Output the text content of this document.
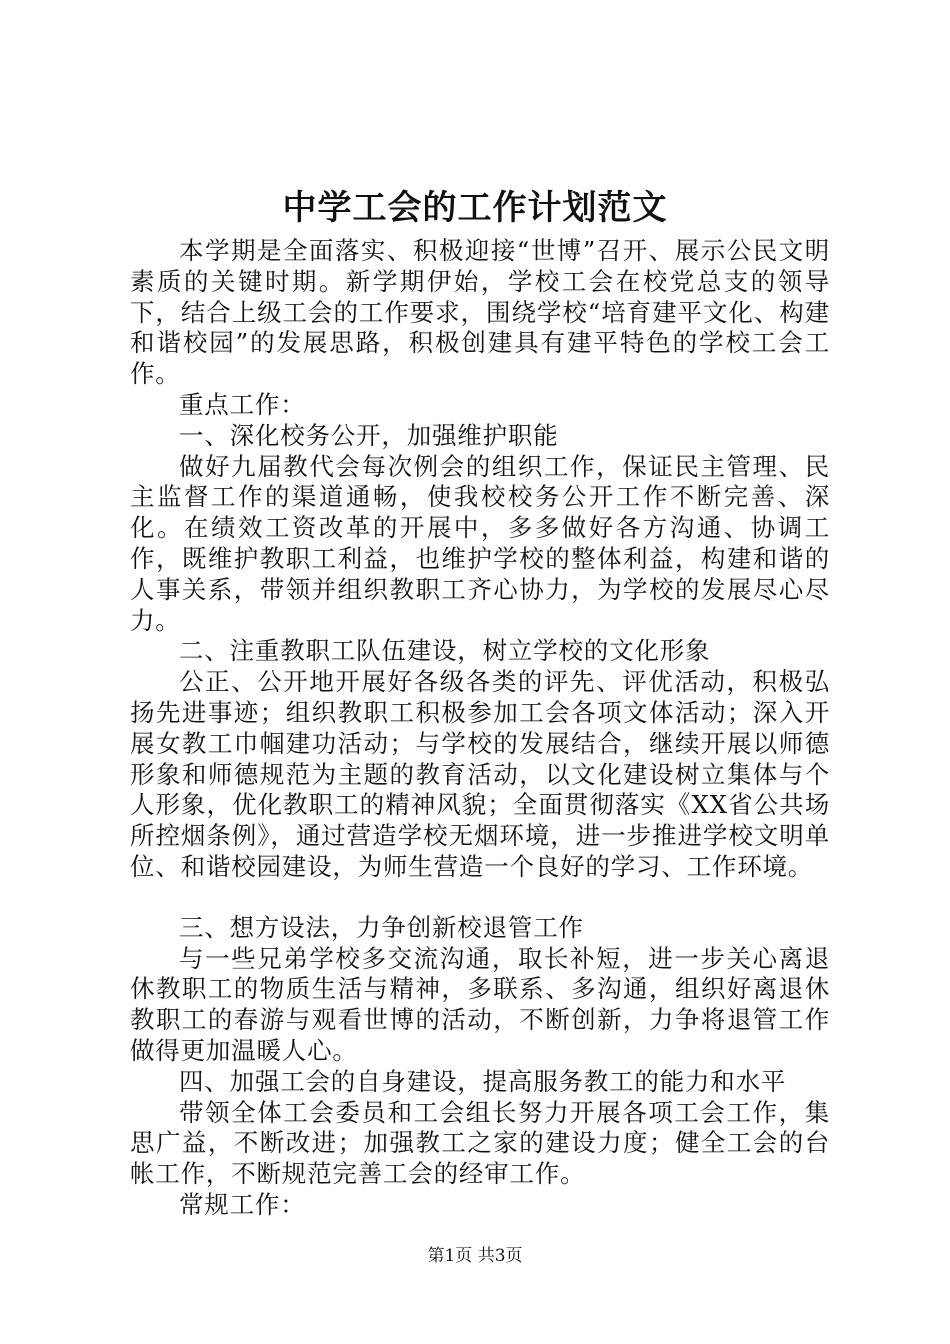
中学工会的工作计划范文

本学期是全面落实、积极迎接“世博”召开、展示公民文明素质的关键时期。新学期伊始，学校工会在校党总支的领导下，结合上级工会的工作要求，围绕学校“培育建平文化、构建和谐校园”的发展思路，积极创建具有建平特色的学校工会工作。

重点工作：

一、深化校务公开，加强维护职能

做好九届教代会每次例会的组织工作，保证民主管理、民主监督工作的渠道通畅，使我校校务公开工作不断完善、深化。在绩效工资改革的开展中，多多做好各方沟通、协调工作，既维护教职工利益，也维护学校的整体利益，构建和谐的人事关系，带领并组织教职工齐心协力，为学校的发展尽心尽力。

二、注重教职工队伍建设，树立学校的文化形象

公正、公开地开展好各级各类的评先、评优活动，积极弘扬先进事迹；组织教职工积极参加工会各项文体活动；深入开展女教工巾帼建功活动；与学校的发展结合，继续开展以师德形象和师德规范为主题的教育活动，以文化建设树立集体与个人形象，优化教职工的精神风貌；全面贯彻落实《XX省公共场所控烟条例》，通过营造学校无烟环境，进一步推进学校文明单位、和谐校园建设，为师生营造一个良好的学习、工作环境。

三、想方设法，力争创新校退管工作

与一些兄弟学校多交流沟通，取长补短，进一步关心离退休教职工的物质生活与精神，多联系、多沟通，组织好离退休教职工的春游与观看世博的活动，不断创新，力争将退管工作做得更加温暖人心。

四、加强工会的自身建设，提高服务教工的能力和水平

带领全体工会委员和工会组长努力开展各项工会工作，集思广益，不断改进；加强教工之家的建设力度；健全工会的台帐工作，不断规范完善工会的经审工作。

常规工作：

第1页 共3页
